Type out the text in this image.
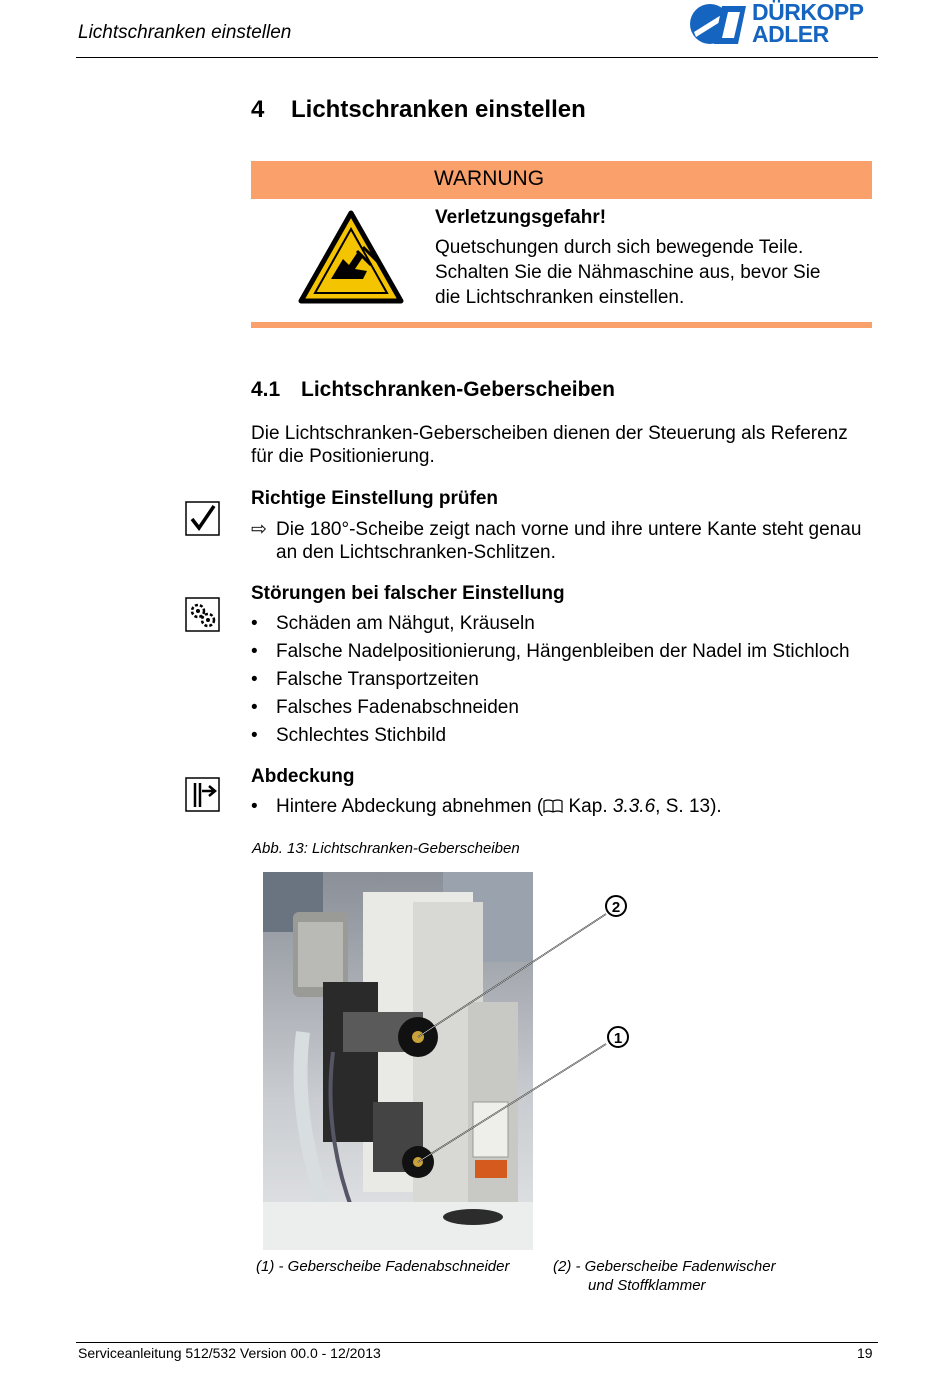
Lichtschranken einstellen
DÜRKOPP
ADLER
4 Lichtschranken einstellen
WARNUNG
Verletzungsgefahr!
Quetschungen durch sich bewegende Teile.
Schalten Sie die Nähmaschine aus, bevor Sie
die Lichtschranken einstellen.
4.1 Lichtschranken-Geberscheiben
Die Lichtschranken-Geberscheiben dienen der Steuerung als Referenz
für die Positionierung.
Richtige Einstellung prüfen
⇨ Die 180°-Scheibe zeigt nach vorne und ihre untere Kante steht genau
an den Lichtschranken-Schlitzen.
Störungen bei falscher Einstellung
• Schäden am Nähgut, Kräuseln
• Falsche Nadelpositionierung, Hängenbleiben der Nadel im Stichloch
• Falsche Transportzeiten
• Falsches Fadenabschneiden
• Schlechtes Stichbild
Abdeckung
• Hintere Abdeckung abnehmen ( Kap. 3.3.6, S. 13).
Abb. 13: Lichtschranken-Geberscheiben
2
1
(1) - Geberscheibe Fadenabschneider	(2) - Geberscheibe Fadenwischer
und Stoffklammer
Serviceanleitung 512/532 Version 00.0 - 12/2013	19
